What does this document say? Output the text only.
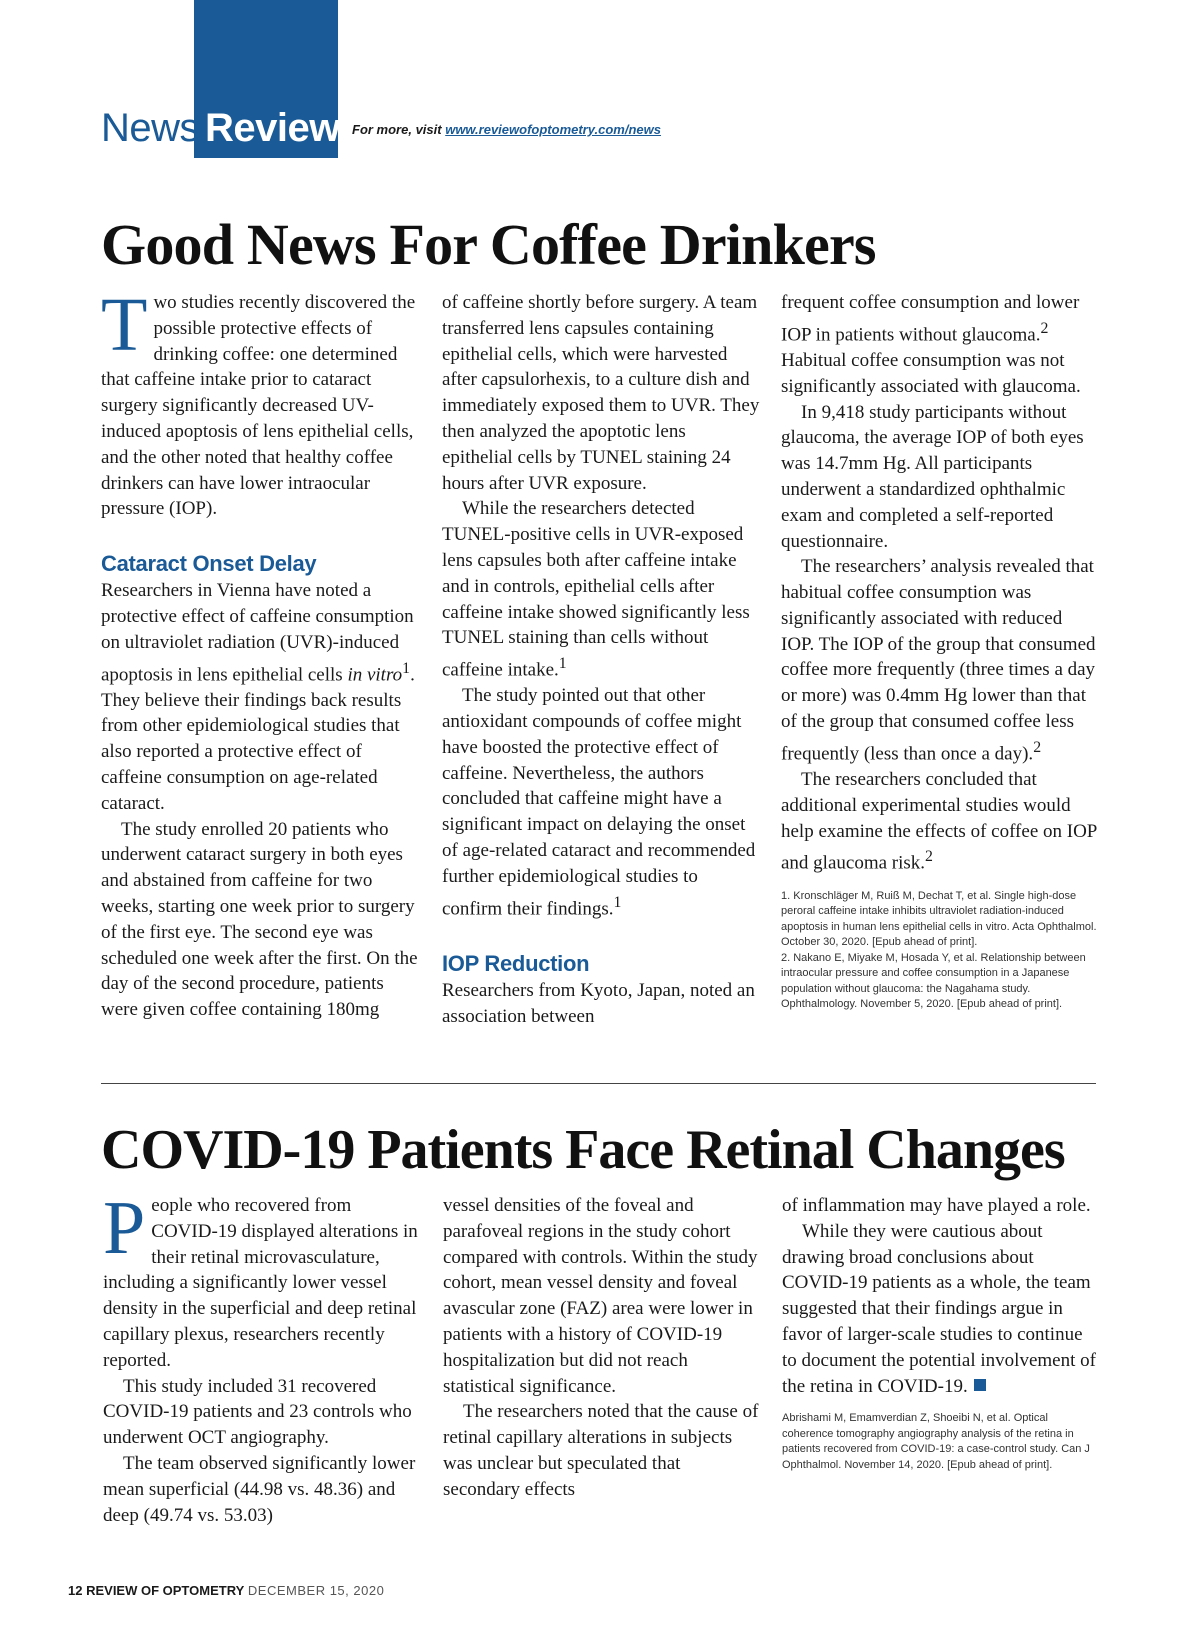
News Review For more, visit www.reviewofoptometry.com/news
Good News For Coffee Drinkers

Two studies recently discovered the possible protective effects of drinking coffee: one determined that caffeine intake prior to cataract surgery significantly decreased UV-induced apoptosis of lens epithelial cells, and the other noted that healthy coffee drinkers can have lower intraocular pressure (IOP).

Cataract Onset Delay

Researchers in Vienna have noted a protective effect of caffeine consumption on ultraviolet radiation (UVR)-induced apoptosis in lens epithelial cells in vitro$^1$. They believe their findings back results from other epidemiological studies that also reported a protective effect of caffeine consumption on age-related cataract.

The study enrolled 20 patients who underwent cataract surgery in both eyes and abstained from caffeine for two weeks, starting one week prior to surgery of the first eye. The second eye was scheduled one week after the first. On the day of the second procedure, patients were given coffee containing 180mg

of caffeine shortly before surgery. A team transferred lens capsules containing epithelial cells, which were harvested after capsulorhexis, to a culture dish and immediately exposed them to UVR. They then analyzed the apoptotic lens epithelial cells by TUNEL staining 24 hours after UVR exposure.

While the researchers detected TUNEL-positive cells in UVR-exposed lens capsules both after caffeine intake and in controls, epithelial cells after caffeine intake showed significantly less TUNEL staining than cells without caffeine intake.$^1$

The study pointed out that other antioxidant compounds of coffee might have boosted the protective effect of caffeine. Nevertheless, the authors concluded that caffeine might have a significant impact on delaying the onset of age-related cataract and recommended further epidemiological studies to confirm their findings.$^1$

IOP Reduction

Researchers from Kyoto, Japan, noted an association between

frequent coffee consumption and lower IOP in patients without glaucoma.$^2$ Habitual coffee consumption was not significantly associated with glaucoma.

In 9,418 study participants without glaucoma, the average IOP of both eyes was 14.7mm Hg. All participants underwent a standardized ophthalmic exam and completed a self-reported questionnaire.

The researchers’ analysis revealed that habitual coffee consumption was significantly associated with reduced IOP. The IOP of the group that consumed coffee more frequently (three times a day or more) was 0.4mm Hg lower than that of the group that consumed coffee less frequently (less than once a day).$^2$

The researchers concluded that additional experimental studies would help examine the effects of coffee on IOP and glaucoma risk.$^2$

1. Kronschläger M, Ruiß M, Dechat T, et al. Single high-dose peroral caffeine intake inhibits ultraviolet radiation-induced apoptosis in human lens epithelial cells in vitro. Acta Ophthalmol. October 30, 2020. [Epub ahead of print].

2. Nakano E, Miyake M, Hosada Y, et al. Relationship between intraocular pressure and coffee consumption in a Japanese population without glaucoma: the Nagahama study. Ophthalmology. November 5, 2020. [Epub ahead of print].

COVID-19 Patients Face Retinal Changes

People who recovered from COVID-19 displayed alterations in their retinal microvasculature, including a significantly lower vessel density in the superficial and deep retinal capillary plexus, researchers recently reported.

This study included 31 recovered COVID-19 patients and 23 controls who underwent OCT angiography.

The team observed significantly lower mean superficial (44.98 vs. 48.36) and deep (49.74 vs. 53.03)

vessel densities of the foveal and parafoveal regions in the study cohort compared with controls. Within the study cohort, mean vessel density and foveal avascular zone (FAZ) area were lower in patients with a history of COVID-19 hospitalization but did not reach statistical significance.

The researchers noted that the cause of retinal capillary alterations in subjects was unclear but speculated that secondary effects

of inflammation may have played a role.

While they were cautious about drawing broad conclusions about COVID-19 patients as a whole, the team suggested that their findings argue in favor of larger-scale studies to continue to document the potential involvement of the retina in COVID-19.

Abrishami M, Emamverdian Z, Shoeibi N, et al. Optical coherence tomography angiography analysis of the retina in patients recovered from COVID-19: a case-control study. Can J Ophthalmol. November 14, 2020. [Epub ahead of print].

12 REVIEW OF OPTOMETRY DECEMBER 15, 2020
